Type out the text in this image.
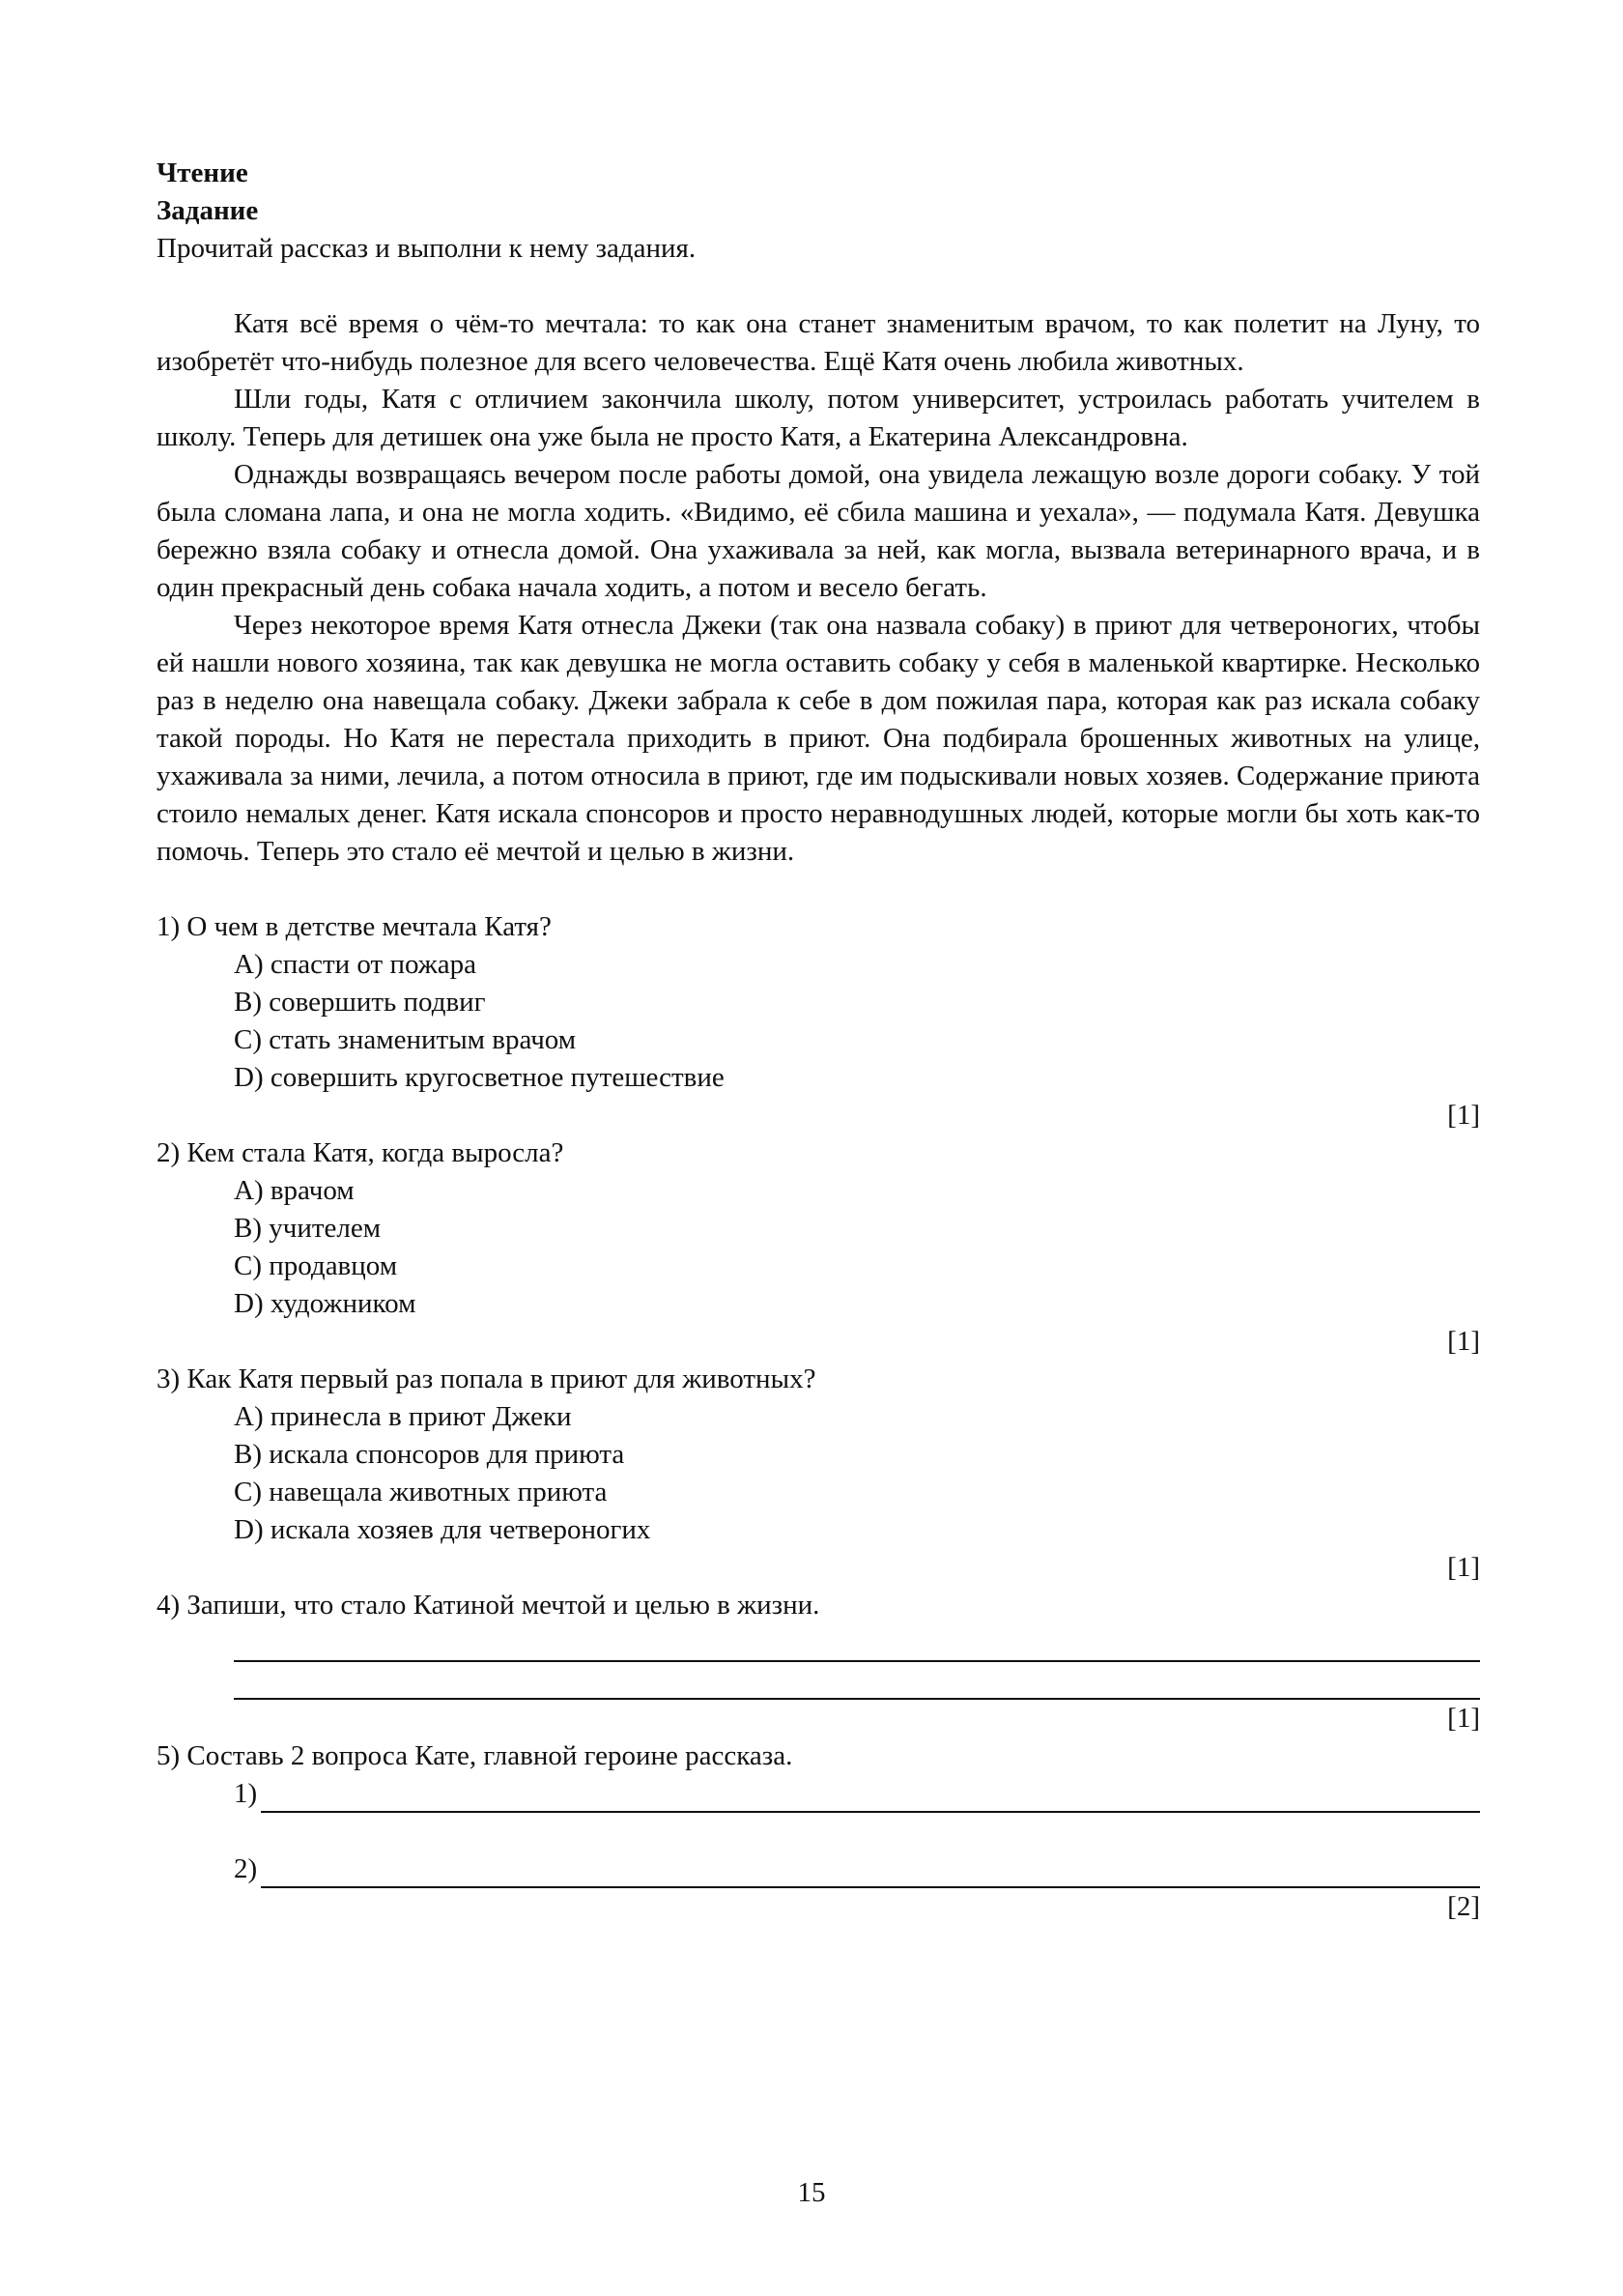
Чтение
Задание
Прочитай рассказ и выполни к нему задания.
Катя всё время о чём-то мечтала: то как она станет знаменитым врачом, то как полетит на Луну, то изобретёт что-нибудь полезное для всего человечества. Ещё Катя очень любила животных.
Шли годы, Катя с отличием закончила школу, потом университет, устроилась работать учителем в школу. Теперь для детишек она уже была не просто Катя, а Екатерина Александровна.
Однажды возвращаясь вечером после работы домой, она увидела лежащую возле дороги собаку. У той была сломана лапа, и она не могла ходить. «Видимо, её сбила машина и уехала», — подумала Катя. Девушка бережно взяла собаку и отнесла домой. Она ухаживала за ней, как могла, вызвала ветеринарного врача, и в один прекрасный день собака начала ходить, а потом и весело бегать.
Через некоторое время Катя отнесла Джеки (так она назвала собаку) в приют для четвероногих, чтобы ей нашли нового хозяина, так как девушка не могла оставить собаку у себя в маленькой квартирке. Несколько раз в неделю она навещала собаку. Джеки забрала к себе в дом пожилая пара, которая как раз искала собаку такой породы. Но Катя не перестала приходить в приют. Она подбирала брошенных животных на улице, ухаживала за ними, лечила, а потом относила в приют, где им подыскивали новых хозяев. Содержание приюта стоило немалых денег. Катя искала спонсоров и просто неравнодушных людей, которые могли бы хоть как-то помочь. Теперь это стало её мечтой и целью в жизни.
1) О чем в детстве мечтала Катя?
A) спасти от пожара
B) совершить подвиг
C) стать знаменитым врачом
D) совершить кругосветное путешествие
[1]
2) Кем стала Катя, когда выросла?
A) врачом
B) учителем
C) продавцом
D) художником
[1]
3) Как Катя первый раз попала в приют для животных?
A) принесла в приют Джеки
B) искала спонсоров для приюта
C) навещала животных приюта
D) искала хозяев для четвероногих
[1]
4) Запиши, что стало Катиной мечтой и целью в жизни.
[1]
5) Составь 2 вопроса Кате, главной героине рассказа.
1)
2)
[2]
15
